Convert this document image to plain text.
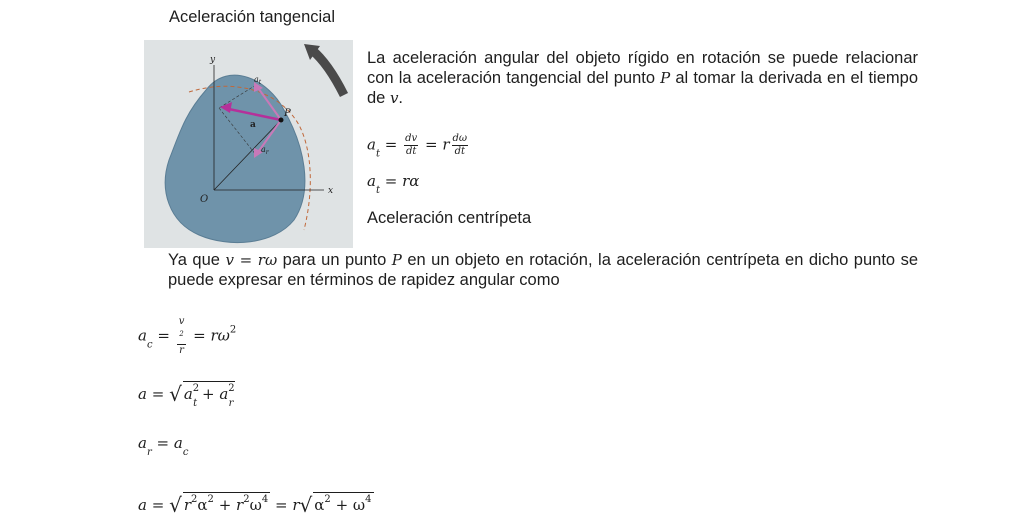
Aceleración tangencial
y
x
O
P
a
$a_t$
$a_r$
La aceleración angular del objeto rígido en rotación se puede relacionar con la aceleración tangencial del punto P al tomar la derivada en el tiempo de v.
$a_t = \frac{dv}{dt} = r \frac{d\omega}{dt}$
$a_t = r\alpha$
Aceleración centrípeta
Ya que v = rω para un punto P en un objeto en rotación, la aceleración centrípeta en dicho punto se puede expresar en términos de rapidez angular como
$a_c = v$
$^2$
$r = r\omega^2$
a = √ $a^2_t + a^2_r$
$a_r = a_c$
a = √ $r^2\alpha^2 + r^2\omega^4 = r√$ $\alpha^2 + \omega^4$
